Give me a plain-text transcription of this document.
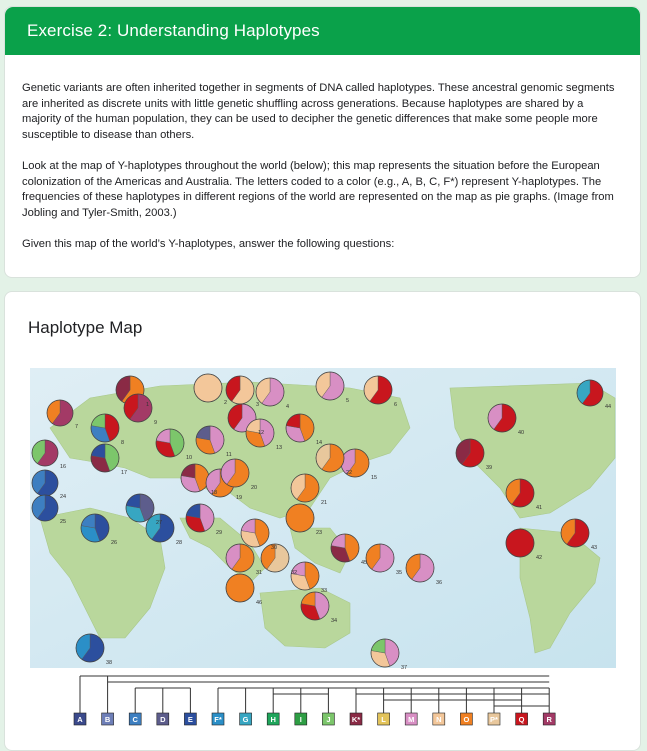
Exercise 2: Understanding Haplotypes

Genetic variants are often inherited together in segments of DNA called haplotypes. These ancestral genomic segments are inherited as discrete units with little genetic shuffling across generations. Because haplotypes are shared by a majority of the human population, they can be used to decipher the genetic differences that make some people more susceptible to disease than others.

Look at the map of Y-haplotypes throughout the world (below); this map represents the situation before the European colonization of the Americas and Australia. The letters coded to a color (e.g., A, B, C, F*) represent Y-haplotypes. The frequencies of these haplotypes in different regions of the world are represented on the map as pie graphs. (Image from Jobling and Tyler-Smith, 2003.)

Given this map of the world’s Y-haplotypes, answer the following questions:

Haplotype Map
A	B	C	D	E	F*	G	H	I	J	K*	L	M	N	O	P*	Q	R
1	2	3	4
5
6
7
8
9
10	11
12
13
14
15
16
17
18
19
20
21
22
23
24
25
26
27
28
29
30
31	32
33
34
35
36
37
38
39
40
41
42
43
44
45
46
